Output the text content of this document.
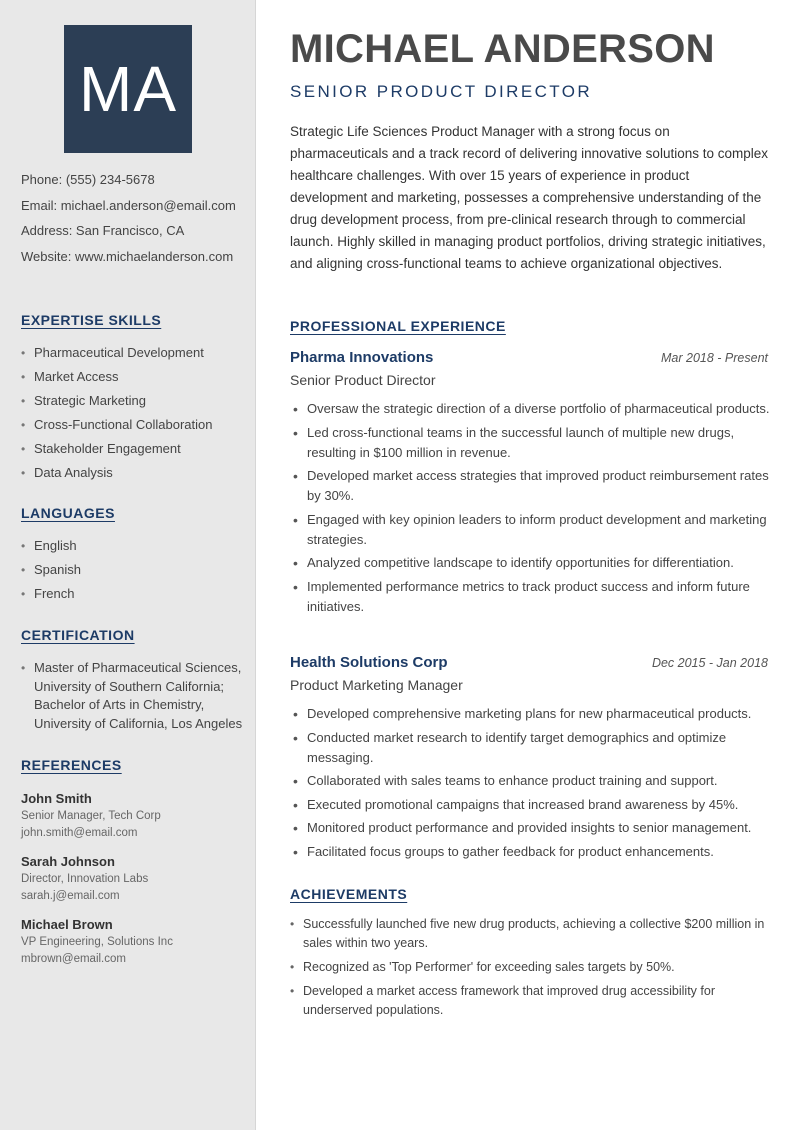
MA
Phone: (555) 234-5678
Email: michael.anderson@email.com
Address: San Francisco, CA
Website: www.michaelanderson.com
EXPERTISE SKILLS
• Pharmaceutical Development
• Market Access
• Strategic Marketing
• Cross-Functional Collaboration
• Stakeholder Engagement
• Data Analysis
LANGUAGES
• English
• Spanish
• French
CERTIFICATION
• Master of Pharmaceutical Sciences,
University of Southern California;
Bachelor of Arts in Chemistry,
University of California, Los Angeles
REFERENCES
John Smith
Senior Manager, Tech Corp
john.smith@email.com
Sarah Johnson
Director, Innovation Labs
sarah.j@email.com
Michael Brown
VP Engineering, Solutions Inc
mbrown@email.com
MICHAEL ANDERSON
SENIOR PRODUCT DIRECTOR
Strategic Life Sciences Product Manager with a strong focus on pharmaceuticals and a track record of delivering innovative solutions to complex healthcare challenges. With over 15 years of experience in product development and marketing, possesses a comprehensive understanding of the drug development process, from pre-clinical research through to commercial launch. Highly skilled in managing product portfolios, driving strategic initiatives, and aligning cross-functional teams to achieve organizational objectives.
PROFESSIONAL EXPERIENCE
Pharma Innovations	Mar 2018 - Present
Senior Product Director
• Oversaw the strategic direction of a diverse portfolio of pharmaceutical products.
• Led cross-functional teams in the successful launch of multiple new drugs, resulting in $100 million in revenue.
• Developed market access strategies that improved product reimbursement rates by 30%.
• Engaged with key opinion leaders to inform product development and marketing strategies.
• Analyzed competitive landscape to identify opportunities for differentiation.
• Implemented performance metrics to track product success and inform future initiatives.
Health Solutions Corp	Dec 2015 - Jan 2018
Product Marketing Manager
• Developed comprehensive marketing plans for new pharmaceutical products.
• Conducted market research to identify target demographics and optimize messaging.
• Collaborated with sales teams to enhance product training and support.
• Executed promotional campaigns that increased brand awareness by 45%.
• Monitored product performance and provided insights to senior management.
• Facilitated focus groups to gather feedback for product enhancements.
ACHIEVEMENTS
• Successfully launched five new drug products, achieving a collective $200 million in sales within two years.
• Recognized as 'Top Performer' for exceeding sales targets by 50%.
• Developed a market access framework that improved drug accessibility for underserved populations.
